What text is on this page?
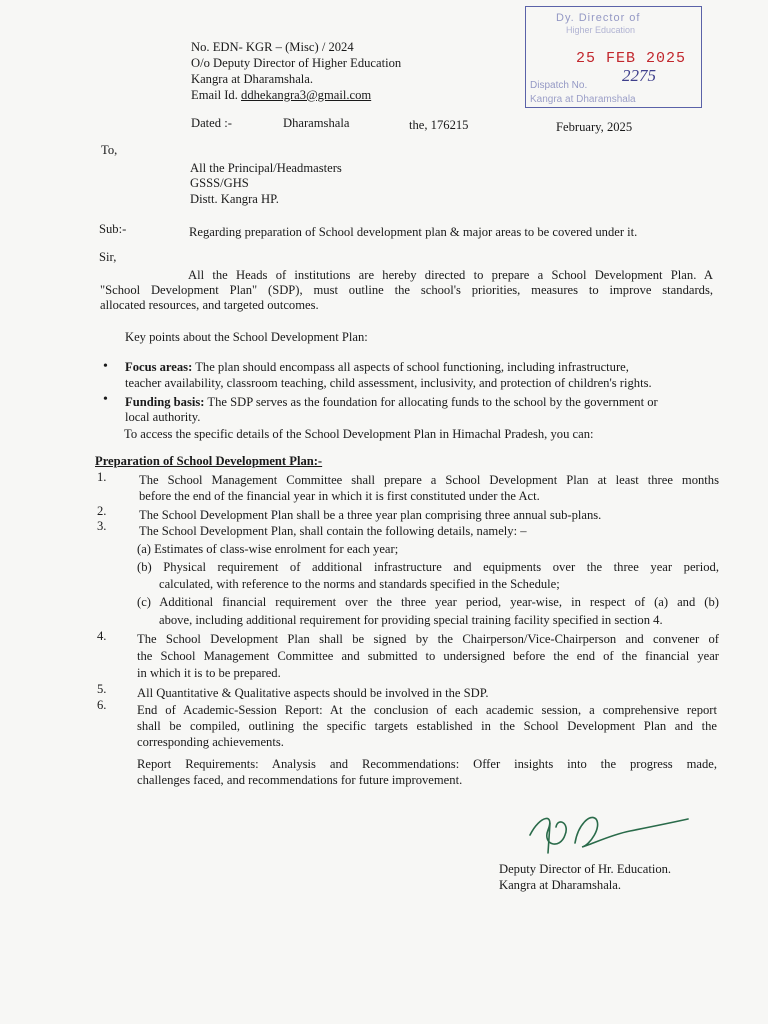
No. EDN- KGR – (Misc) / 2024
O/o Deputy Director of Higher Education
Kangra at Dharamshala.
Email Id. ddhekangra3@gmail.com
Dy. Director of
Higher Education
25 FEB 2025
Dispatch No.
2275
Kangra at Dharamshala
Dated :-	Dharamshala	the, 176215	February, 2025
To,
All the Principal/Headmasters
GSSS/GHS
Distt. Kangra HP.
Sub:-	Regarding preparation of School development plan & major areas to be covered under it.
Sir,
All the Heads of institutions are hereby directed to prepare a School Development Plan. A
"School Development Plan" (SDP), must outline the school's priorities, measures to improve standards,
allocated resources, and targeted outcomes.
Key points about the School Development Plan:
• Focus areas: The plan should encompass all aspects of school functioning, including infrastructure,
teacher availability, classroom teaching, child assessment, inclusivity, and protection of children's rights.
• Funding basis: The SDP serves as the foundation for allocating funds to the school by the government or
local authority.
To access the specific details of the School Development Plan in Himachal Pradesh, you can:
Preparation of School Development Plan:-
1.	The School Management Committee shall prepare a School Development Plan at least three months
before the end of the financial year in which it is first constituted under the Act.
2.	The School Development Plan shall be a three year plan comprising three annual sub-plans.
3.	The School Development Plan, shall contain the following details, namely: –
(a) Estimates of class-wise enrolment for each year;
(b) Physical requirement of additional infrastructure and equipments over the three year period,
calculated, with reference to the norms and standards specified in the Schedule;
(c) Additional financial requirement over the three year period, year-wise, in respect of (a) and (b)
above, including additional requirement for providing special training facility specified in section 4.
4. The School Development Plan shall be signed by the Chairperson/Vice-Chairperson and convener of
the School Management Committee and submitted to undersigned before the end of the financial year
in which it is to be prepared.
5. All Quantitative & Qualitative aspects should be involved in the SDP.
6. End of Academic-Session Report: At the conclusion of each academic session, a comprehensive report
shall be compiled, outlining the specific targets established in the School Development Plan and the
corresponding achievements.
Report Requirements: Analysis and Recommendations: Offer insights into the progress made,
challenges faced, and recommendations for future improvement.
Deputy Director of Hr. Education.
Kangra at Dharamshala.
